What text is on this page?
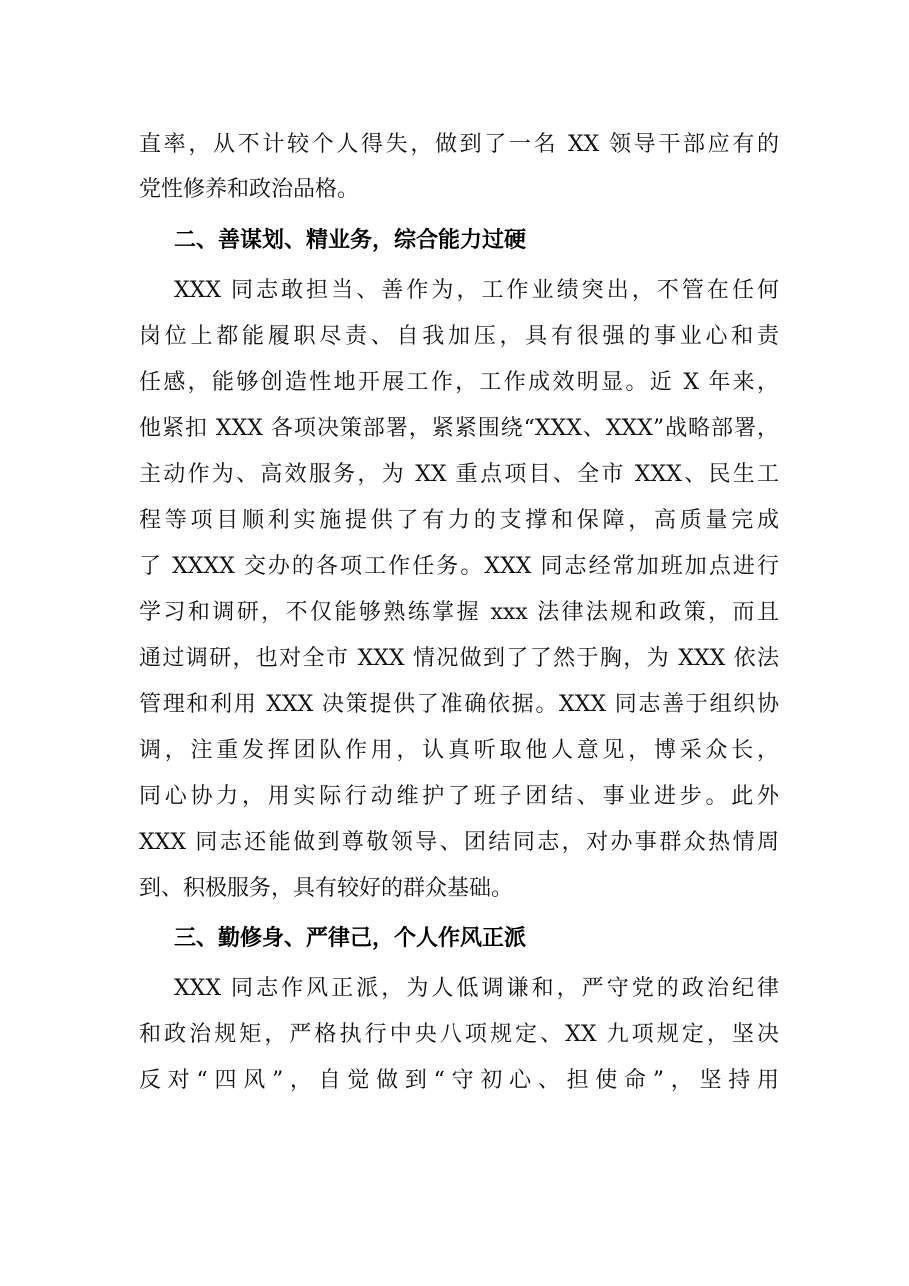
直率，从不计较个人得失，做到了一名 XX 领导干部应有的
党性修养和政治品格。
二、善谋划、精业务，综合能力过硬
XXX 同志敢担当、善作为，工作业绩突出，不管在任何
岗位上都能履职尽责、自我加压，具有很强的事业心和责
任感，能够创造性地开展工作，工作成效明显。近 X 年来，
他紧扣 XXX 各项决策部署，紧紧围绕“XXX、XXX”战略部署，
主动作为、高效服务，为 XX 重点项目、全市 XXX、民生工
程等项目顺利实施提供了有力的支撑和保障，高质量完成
了 XXXX 交办的各项工作任务。XXX 同志经常加班加点进行
学习和调研，不仅能够熟练掌握 xxx 法律法规和政策，而且
通过调研，也对全市 XXX 情况做到了了然于胸，为 XXX 依法
管理和利用 XXX 决策提供了准确依据。XXX 同志善于组织协
调，注重发挥团队作用，认真听取他人意见，博采众长，
同心协力，用实际行动维护了班子团结、事业进步。此外
XXX 同志还能做到尊敬领导、团结同志，对办事群众热情周
到、积极服务，具有较好的群众基础。
三、勤修身、严律己，个人作风正派
XXX 同志作风正派，为人低调谦和，严守党的政治纪律
和政治规矩，严格执行中央八项规定、XX 九项规定，坚决
反对“四风”，自觉做到“守初心、担使命”，坚持用
